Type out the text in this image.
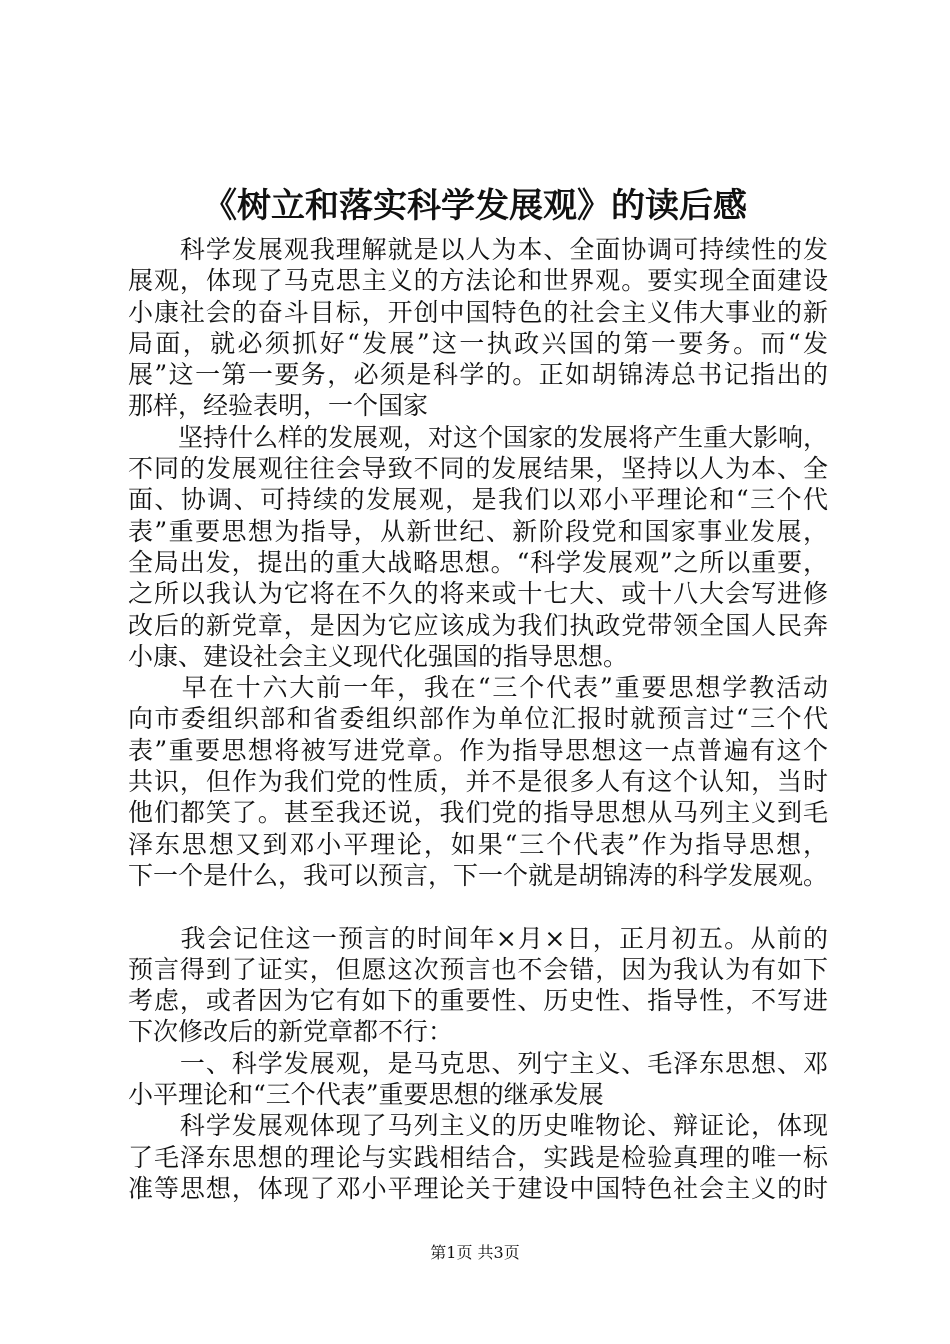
《树立和落实科学发展观》的读后感
　　科学发展观我理解就是以人为本、全面协调可持续性的发
展观，体现了马克思主义的方法论和世界观。要实现全面建设
小康社会的奋斗目标，开创中国特色的社会主义伟大事业的新
局面，就必须抓好“发展”这一执政兴国的第一要务。而“发
展”这一第一要务，必须是科学的。正如胡锦涛总书记指出的
那样，经验表明，一个国家
　　坚持什么样的发展观，对这个国家的发展将产生重大影响，
不同的发展观往往会导致不同的发展结果，坚持以人为本、全
面、协调、可持续的发展观，是我们以邓小平理论和“三个代
表”重要思想为指导，从新世纪、新阶段党和国家事业发展，
全局出发，提出的重大战略思想。“科学发展观”之所以重要，
之所以我认为它将在不久的将来或十七大、或十八大会写进修
改后的新党章，是因为它应该成为我们执政党带领全国人民奔
小康、建设社会主义现代化强国的指导思想。
　　早在十六大前一年，我在“三个代表”重要思想学教活动
向市委组织部和省委组织部作为单位汇报时就预言过“三个代
表”重要思想将被写进党章。作为指导思想这一点普遍有这个
共识，但作为我们党的性质，并不是很多人有这个认知，当时
他们都笑了。甚至我还说，我们党的指导思想从马列主义到毛
泽东思想又到邓小平理论，如果“三个代表”作为指导思想，
下一个是什么，我可以预言，下一个就是胡锦涛的科学发展观。
　　我会记住这一预言的时间年×月×日，正月初五。从前的
预言得到了证实，但愿这次预言也不会错，因为我认为有如下
考虑，或者因为它有如下的重要性、历史性、指导性，不写进
下次修改后的新党章都不行：
　　一、科学发展观，是马克思、列宁主义、毛泽东思想、邓
小平理论和“三个代表”重要思想的继承发展
　　科学发展观体现了马列主义的历史唯物论、辩证论，体现
了毛泽东思想的理论与实践相结合，实践是检验真理的唯一标
准等思想，体现了邓小平理论关于建设中国特色社会主义的时
第1页 共3页
